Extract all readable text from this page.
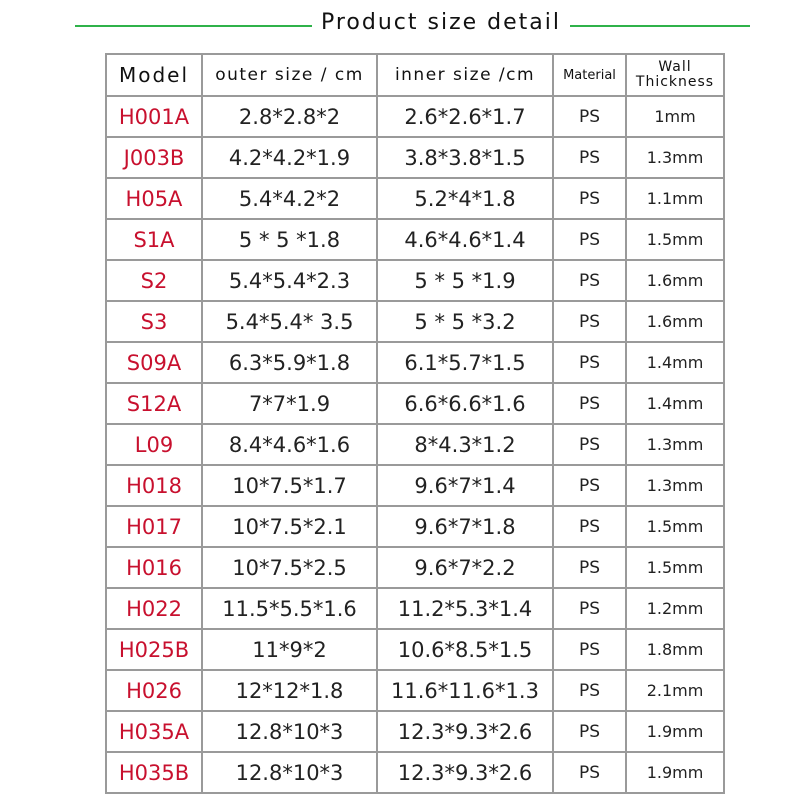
Product size detail
Model	outer size / cm	inner size /cm	Material	Wall
Thickness
H001A	2.8*2.8*2	2.6*2.6*1.7	PS	1mm
J003B	4.2*4.2*1.9	3.8*3.8*1.5	PS	1.3mm
H05A	5.4*4.2*2	5.2*4*1.8	PS	1.1mm
S1A	5 * 5 *1.8	4.6*4.6*1.4	PS	1.5mm
S2	5.4*5.4*2.3	5 * 5 *1.9	PS	1.6mm
S3	5.4*5.4* 3.5	5 * 5 *3.2	PS	1.6mm
S09A	6.3*5.9*1.8	6.1*5.7*1.5	PS	1.4mm
S12A	7*7*1.9	6.6*6.6*1.6	PS	1.4mm
L09	8.4*4.6*1.6	8*4.3*1.2	PS	1.3mm
H018	10*7.5*1.7	9.6*7*1.4	PS	1.3mm
H017	10*7.5*2.1	9.6*7*1.8	PS	1.5mm
H016	10*7.5*2.5	9.6*7*2.2	PS	1.5mm
H022	11.5*5.5*1.6	11.2*5.3*1.4	PS	1.2mm
H025B	11*9*2	10.6*8.5*1.5	PS	1.8mm
H026	12*12*1.8	11.6*11.6*1.3	PS	2.1mm
H035A	12.8*10*3	12.3*9.3*2.6	PS	1.9mm
H035B	12.8*10*3	12.3*9.3*2.6	PS	1.9mm
